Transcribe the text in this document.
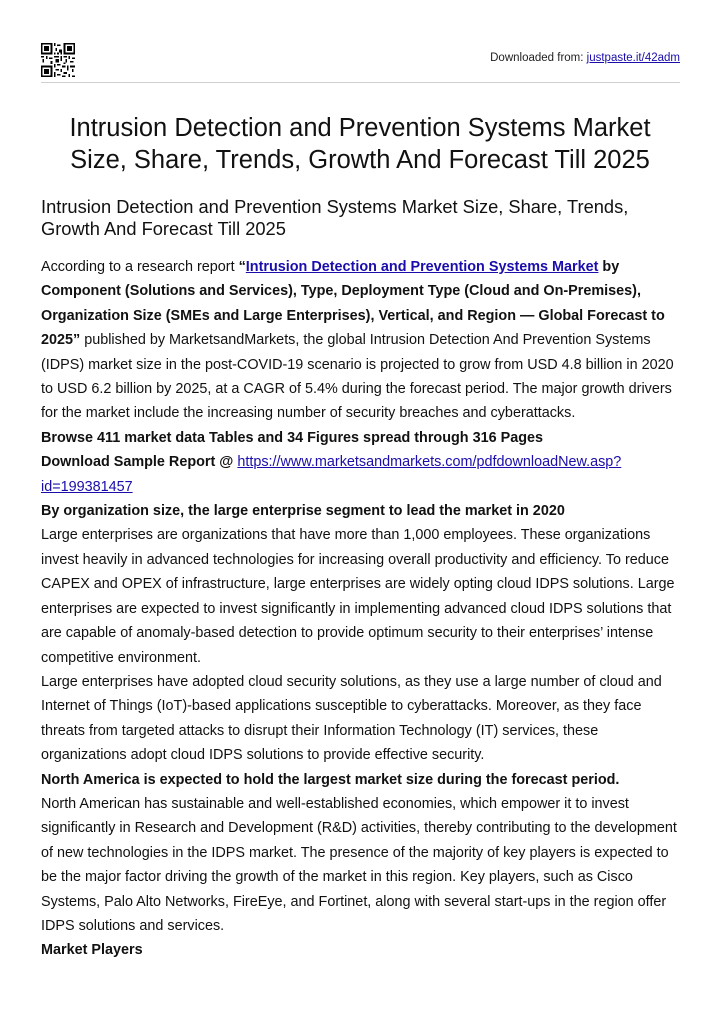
Downloaded from: justpaste.it/42adm
Intrusion Detection and Prevention Systems Market Size, Share, Trends, Growth And Forecast Till 2025
Intrusion Detection and Prevention Systems Market Size, Share, Trends, Growth And Forecast Till 2025

According to a research report “Intrusion Detection and Prevention Systems Market by Component (Solutions and Services), Type, Deployment Type (Cloud and On-Premises), Organization Size (SMEs and Large Enterprises), Vertical, and Region — Global Forecast to 2025” published by MarketsandMarkets, the global Intrusion Detection And Prevention Systems (IDPS) market size in the post-COVID-19 scenario is projected to grow from USD 4.8 billion in 2020 to USD 6.2 billion by 2025, at a CAGR of 5.4% during the forecast period. The major growth drivers for the market include the increasing number of security breaches and cyberattacks.

Browse 411 market data Tables and 34 Figures spread through 316 Pages

Download Sample Report @ https://www.marketsandmarkets.com/pdfdownloadNew.asp?id=199381457

By organization size, the large enterprise segment to lead the market in 2020

Large enterprises are organizations that have more than 1,000 employees. These organizations invest heavily in advanced technologies for increasing overall productivity and efficiency. To reduce CAPEX and OPEX of infrastructure, large enterprises are widely opting cloud IDPS solutions. Large enterprises are expected to invest significantly in implementing advanced cloud IDPS solutions that are capable of anomaly-based detection to provide optimum security to their enterprises’ intense competitive environment.

Large enterprises have adopted cloud security solutions, as they use a large number of cloud and Internet of Things (IoT)-based applications susceptible to cyberattacks. Moreover, as they face threats from targeted attacks to disrupt their Information Technology (IT) services, these organizations adopt cloud IDPS solutions to provide effective security.

North America is expected to hold the largest market size during the forecast period.

North American has sustainable and well-established economies, which empower it to invest significantly in Research and Development (R&D) activities, thereby contributing to the development of new technologies in the IDPS market. The presence of the majority of key players is expected to be the major factor driving the growth of the market in this region. Key players, such as Cisco Systems, Palo Alto Networks, FireEye, and Fortinet, along with several start-ups in the region offer IDPS solutions and services.

Market Players
